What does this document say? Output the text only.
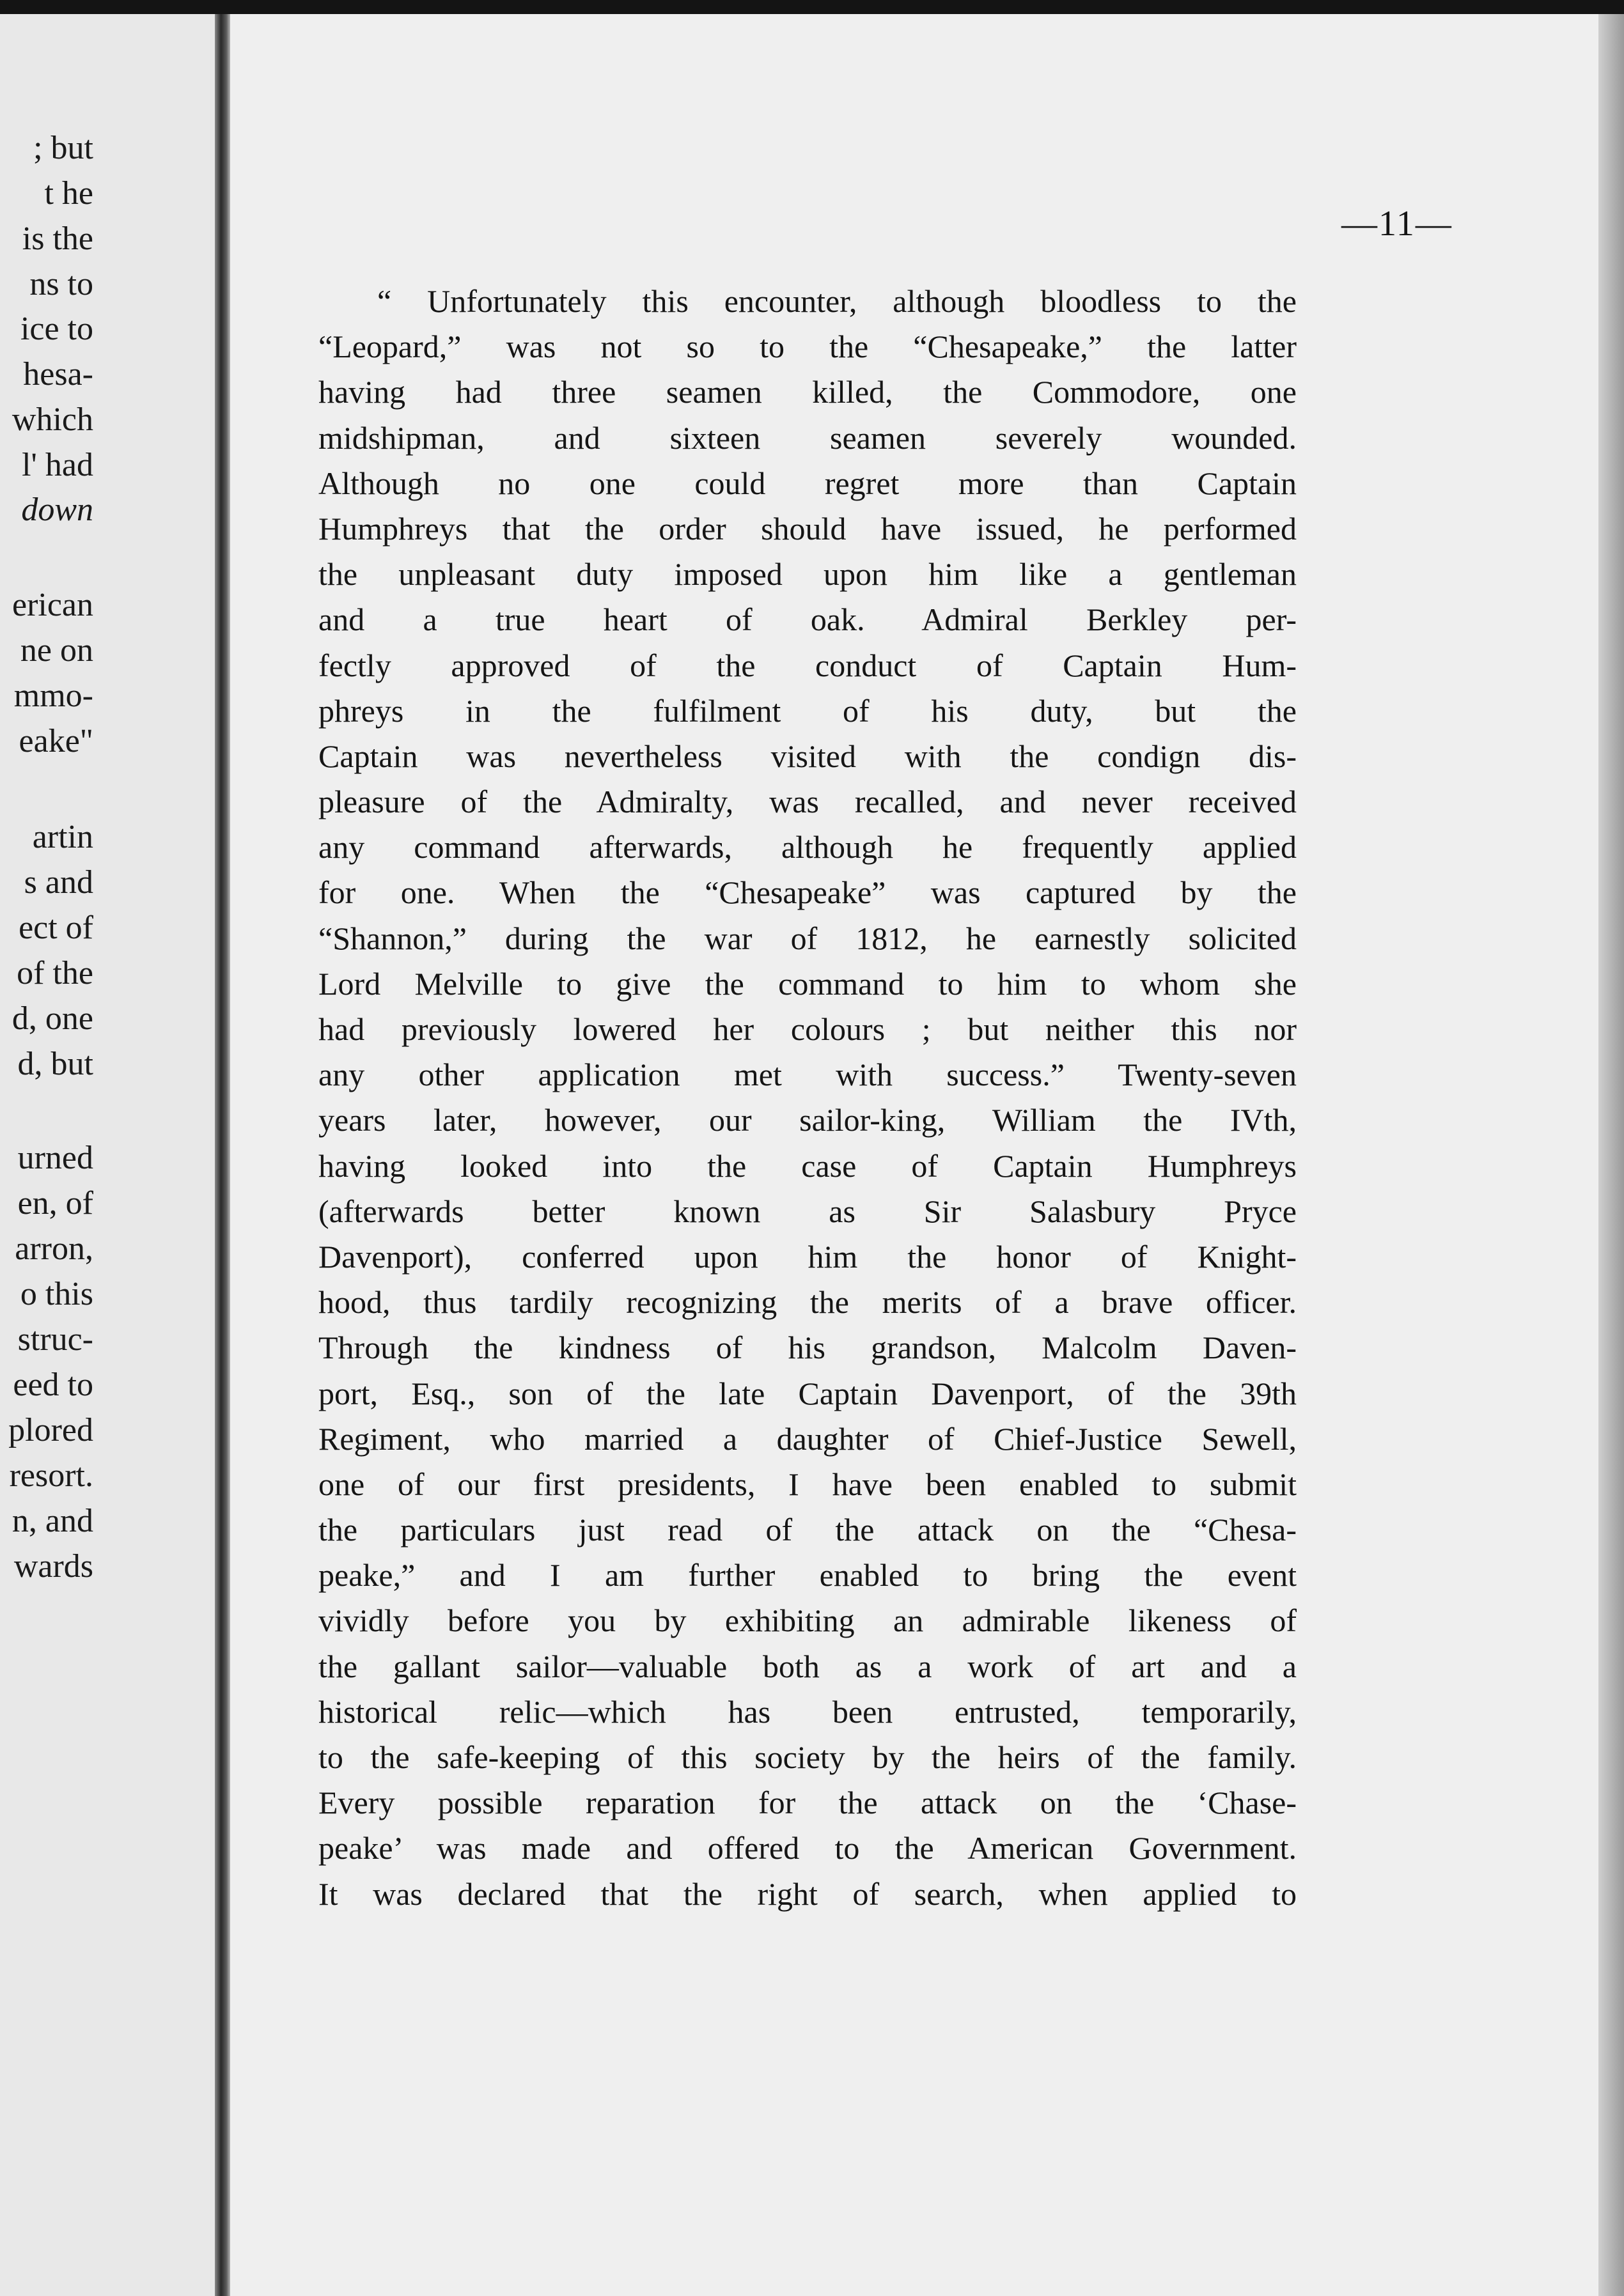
; but
t he
is the
ns to
ice to
hesa-
which
l' had
down
erican
ne on
mmo-
eake"
artin
s and
ect of
of the
d, one
d, but
urned
en, of
arron,
o this
struc-
eed to
plored
resort.
n, and
wards
—11—
“ Unfortunately this encounter, although bloodless to the
“Leopard,” was not so to the “Chesapeake,” the latter
having had three seamen killed, the Commodore, one
midshipman, and sixteen seamen severely wounded.
Although no one could regret more than Captain
Humphreys that the order should have issued, he performed
the unpleasant duty imposed upon him like a gentleman
and a true heart of oak. Admiral Berkley per-
fectly approved of the conduct of Captain Hum-
phreys in the fulfilment of his duty, but the
Captain was nevertheless visited with the condign dis-
pleasure of the Admiralty, was recalled, and never received
any command afterwards, although he frequently applied
for one. When the “Chesapeake” was captured by the
“Shannon,” during the war of 1812, he earnestly solicited
Lord Melville to give the command to him to whom she
had previously lowered her colours ; but neither this nor
any other application met with success.” Twenty-seven
years later, however, our sailor-king, William the IVth,
having looked into the case of Captain Humphreys
(afterwards better known as Sir Salasbury Pryce
Davenport), conferred upon him the honor of Knight-
hood, thus tardily recognizing the merits of a brave officer.
Through the kindness of his grandson, Malcolm Daven-
port, Esq., son of the late Captain Davenport, of the 39th
Regiment, who married a daughter of Chief-Justice Sewell,
one of our first presidents, I have been enabled to submit
the particulars just read of the attack on the “Chesa-
peake,” and I am further enabled to bring the event
vividly before you by exhibiting an admirable likeness of
the gallant sailor—valuable both as a work of art and a
historical relic—which has been entrusted, temporarily,
to the safe-keeping of this society by the heirs of the family.
Every possible reparation for the attack on the ‘Chase-
peake’ was made and offered to the American Government.
It was declared that the right of search, when applied to
